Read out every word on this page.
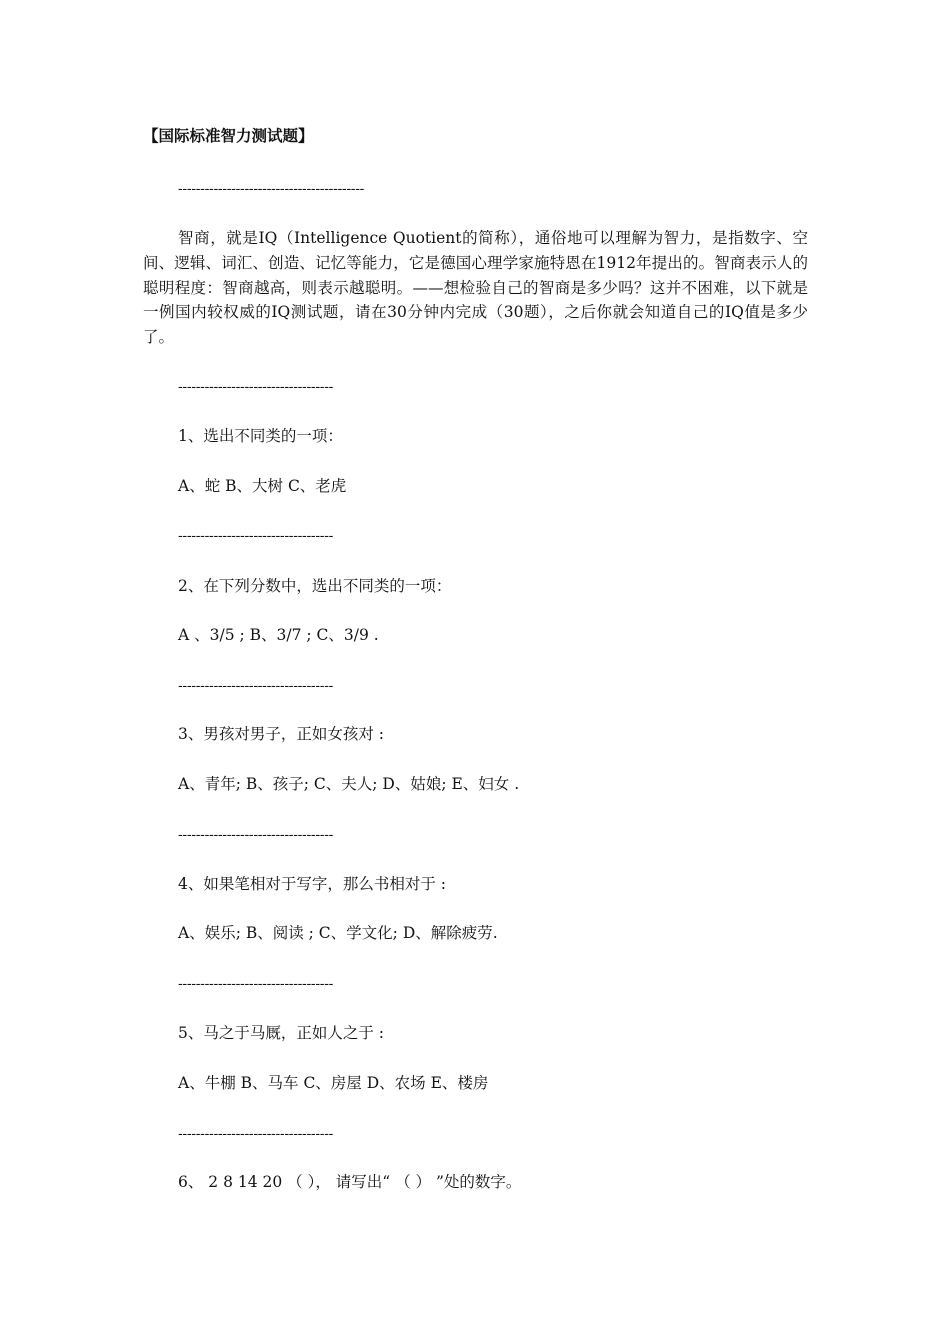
【国际标准智力测试题】
------------------------------------------
智商，就是IQ（Intelligence Quotient的简称），通俗地可以理解为智力，是指数字、空间、逻辑、词汇、创造、记忆等能力，它是德国心理学家施特恩在1912年提出的。智商表示人的聪明程度：智商越高，则表示越聪明。——想检验自己的智商是多少吗？这并不困难，以下就是一例国内较权威的IQ测试题，请在30分钟内完成（30题），之后你就会知道自己的IQ值是多少了。
-----------------------------------
1、选出不同类的一项：
A、蛇 B、大树 C、老虎
-----------------------------------
2、在下列分数中，选出不同类的一项：
A 、3/5 ; B、3/7 ; C、3/9 .
-----------------------------------
3、男孩对男子，正如女孩对 :
A、青年; B、孩子; C、夫人; D、姑娘; E、妇女 .
-----------------------------------
4、如果笔相对于写字，那么书相对于 :
A、娱乐; B、阅读 ; C、学文化; D、解除疲劳.
-----------------------------------
5、马之于马厩，正如人之于 :
A、牛棚 B、马车 C、房屋 D、农场 E、楼房
-----------------------------------
6、 2 8 14 20 （ ）， 请写出“ （ ） ”处的数字。
